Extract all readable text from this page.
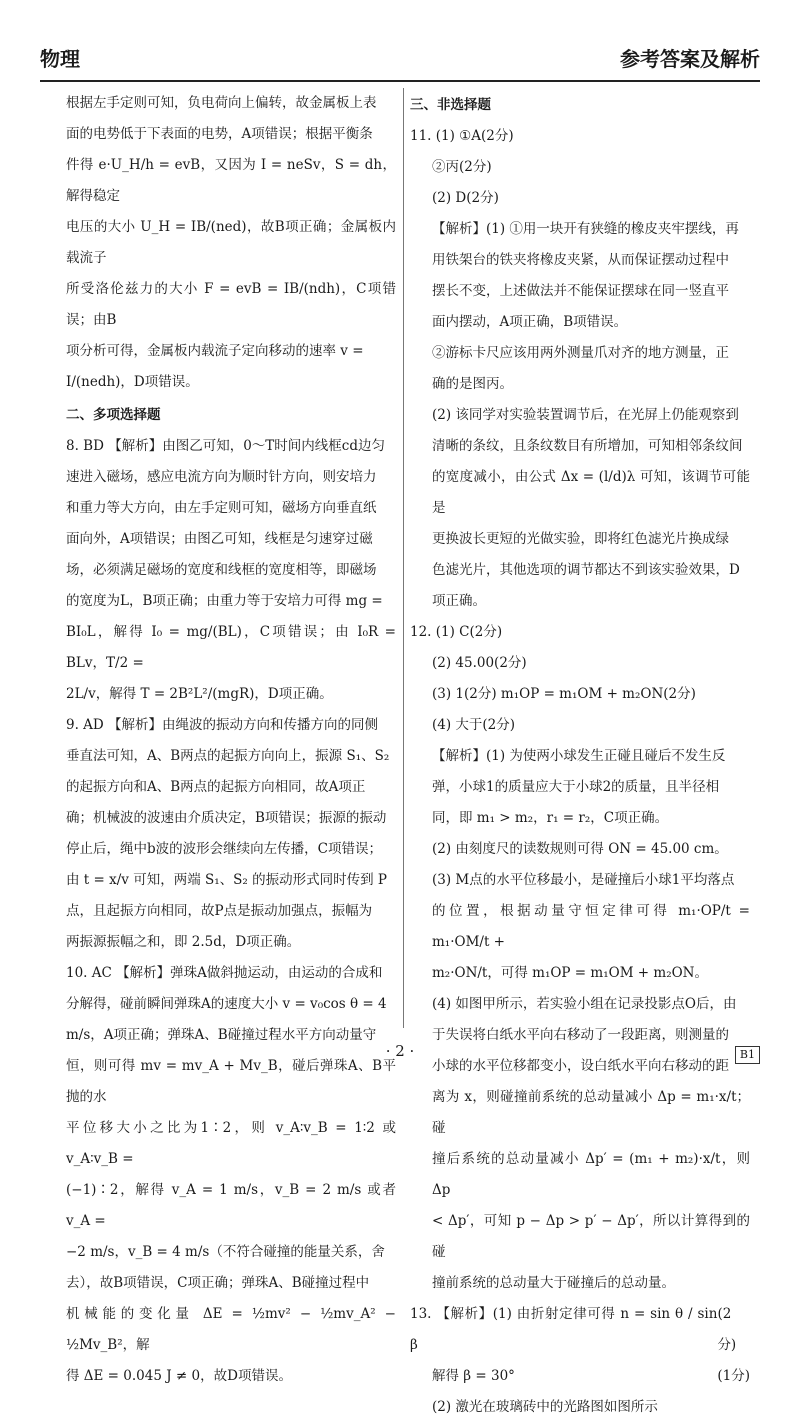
物理	参考答案及解析
根据左手定则可知，负电荷向上偏转，故金属板上表
面的电势低于下表面的电势，A项错误；根据平衡条
件得 e·U_H/h = evB，又因为 I = neSv，S = dh，解得稳定
电压的大小 U_H = IB/(ned)，故B项正确；金属板内载流子
所受洛伦兹力的大小 F = evB = IB/(ndh)，C项错误；由B
项分析可得，金属板内载流子定向移动的速率 v =
I/(nedh)，D项错误。
二、多项选择题
8. BD 【解析】由图乙可知，0～T时间内线框cd边匀
速进入磁场，感应电流方向为顺时针方向，则安培力
和重力等大方向，由左手定则可知，磁场方向垂直纸
面向外，A项错误；由图乙可知，线框是匀速穿过磁
场，必须满足磁场的宽度和线框的宽度相等，即磁场
的宽度为L，B项正确；由重力等于安培力可得 mg =
BI₀L，解得 I₀ = mg/(BL)，C项错误；由 I₀R = BLv，T/2 =
2L/v，解得 T = 2B²L²/(mgR)，D项正确。
9. AD 【解析】由绳波的振动方向和传播方向的同侧
垂直法可知，A、B两点的起振方向向上，振源 S₁、S₂
的起振方向和A、B两点的起振方向相同，故A项正
确；机械波的波速由介质决定，B项错误；振源的振动
停止后，绳中b波的波形会继续向左传播，C项错误；
由 t = x/v 可知，两端 S₁、S₂ 的振动形式同时传到 P
点，且起振方向相同，故P点是振动加强点，振幅为
两振源振幅之和，即 2.5d，D项正确。
10. AC 【解析】弹珠A做斜抛运动，由运动的合成和
分解得，碰前瞬间弹珠A的速度大小 v = v₀cos θ = 4
m/s，A项正确；弹珠A、B碰撞过程水平方向动量守
恒，则可得 mv = mv_A + Mv_B，碰后弹珠A、B平抛的水
平位移大小之比为1∶2，则 v_A∶v_B = 1∶2 或 v_A∶v_B =
(−1)∶2，解得 v_A = 1 m/s，v_B = 2 m/s 或者 v_A =
−2 m/s，v_B = 4 m/s（不符合碰撞的能量关系，舍
去），故B项错误，C项正确；弹珠A、B碰撞过程中
机械能的变化量 ΔE = ½mv² − ½mv_A² − ½Mv_B²，解
得 ΔE = 0.045 J ≠ 0，故D项错误。
三、非选择题
11. (1) ①A(2分)
②丙(2分)
(2) D(2分)
【解析】(1) ①用一块开有狭缝的橡皮夹牢摆线，再
用铁架台的铁夹将橡皮夹紧，从而保证摆动过程中
摆长不变，上述做法并不能保证摆球在同一竖直平
面内摆动，A项正确，B项错误。
②游标卡尺应该用两外测量爪对齐的地方测量，正
确的是图丙。
(2) 该同学对实验装置调节后，在光屏上仍能观察到
清晰的条纹，且条纹数目有所增加，可知相邻条纹间
的宽度减小，由公式 Δx = (l/d)λ 可知，该调节可能是
更换波长更短的光做实验，即将红色滤光片换成绿
色滤光片，其他选项的调节都达不到该实验效果，D
项正确。
12. (1) C(2分)
(2) 45.00(2分)
(3) 1(2分) m₁OP = m₁OM + m₂ON(2分)
(4) 大于(2分)
【解析】(1) 为使两小球发生正碰且碰后不发生反
弹，小球1的质量应大于小球2的质量，且半径相
同，即 m₁ > m₂，r₁ = r₂，C项正确。
(2) 由刻度尺的读数规则可得 ON = 45.00 cm。
(3) M点的水平位移最小，是碰撞后小球1平均落点
的位置，根据动量守恒定律可得 m₁·OP/t = m₁·OM/t +
m₂·ON/t，可得 m₁OP = m₁OM + m₂ON。
(4) 如图甲所示，若实验小组在记录投影点O后，由
于失误将白纸水平向右移动了一段距离，则测量的
小球的水平位移都变小，设白纸水平向右移动的距
离为 x，则碰撞前系统的总动量减小 Δp = m₁·x/t；碰
撞后系统的总动量减小 Δp′ = (m₁ + m₂)·x/t，则 Δp
< Δp′，可知 p − Δp > p′ − Δp′，所以计算得到的碰
撞前系统的总动量大于碰撞后的总动量。
13. 【解析】(1) 由折射定律可得 n = sin θ / sin β
(2分)
解得 β = 30°	(1分)
(2) 激光在玻璃砖中的光路图如图所示
· 2 ·	B1
